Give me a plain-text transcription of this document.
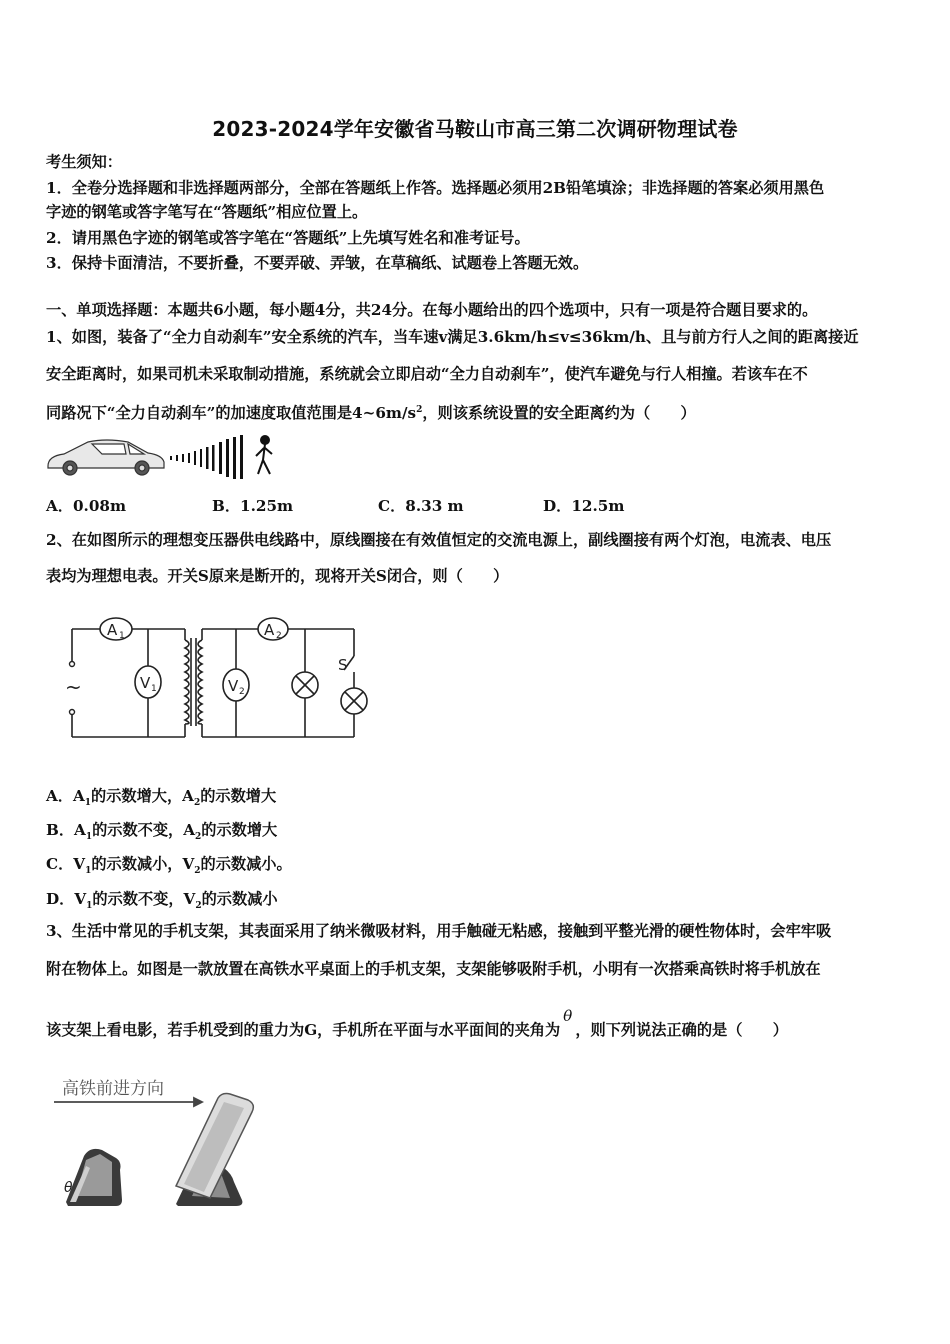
2023-2024学年安徽省马鞍山市高三第二次调研物理试卷
考生须知：
1．全卷分选择题和非选择题两部分，全部在答题纸上作答。选择题必须用2B铅笔填涂；非选择题的答案必须用黑色
字迹的钢笔或答字笔写在“答题纸”相应位置上。
2．请用黑色字迹的钢笔或答字笔在“答题纸”上先填写姓名和准考证号。
3．保持卡面清洁，不要折叠，不要弄破、弄皱，在草稿纸、试题卷上答题无效。
一、单项选择题：本题共6小题，每小题4分，共24分。在每小题给出的四个选项中，只有一项是符合题目要求的。
1、如图，装备了“全力自动刹车”安全系统的汽车，当车速v满足3.6km/h≤v≤36km/h、且与前方行人之间的距离接近
安全距离时，如果司机未采取制动措施，系统就会立即启动“全力自动刹车”，使汽车避免与行人相撞。若该车在不
同路况下“全力自动刹车”的加速度取值范围是$4\sim 6m/s^2$，则该系统设置的安全距离约为（　　）
A．0.08m	B．1.25m	C．8.33 m	D．12.5m
2、在如图所示的理想变压器供电线路中，原线圈接在有效值恒定的交流电源上，副线圈接有两个灯泡，电流表、电压
表均为理想电表。开关S原来是断开的，现将开关S闭合，则（　　）
~
A 1
V 1
A 2
V 2
S
A．$A_1$的示数增大，$A_2$的示数增大
B．$A_1$的示数不变，$A_2$的示数增大
C．$V_1$的示数减小，$V_2$的示数减小。
D．$V_1$的示数不变，$V_2$的示数减小
3、生活中常见的手机支架，其表面采用了纳米微吸材料，用手触碰无粘感，接触到平整光滑的硬性物体时，会牢牢吸
附在物体上。如图是一款放置在高铁水平桌面上的手机支架，支架能够吸附手机，小明有一次搭乘高铁时将手机放在
该支架上看电影，若手机受到的重力为G，手机所在平面与水平面间的夹角为θ，则下列说法正确的是（　　）
高铁前进方向
θ
